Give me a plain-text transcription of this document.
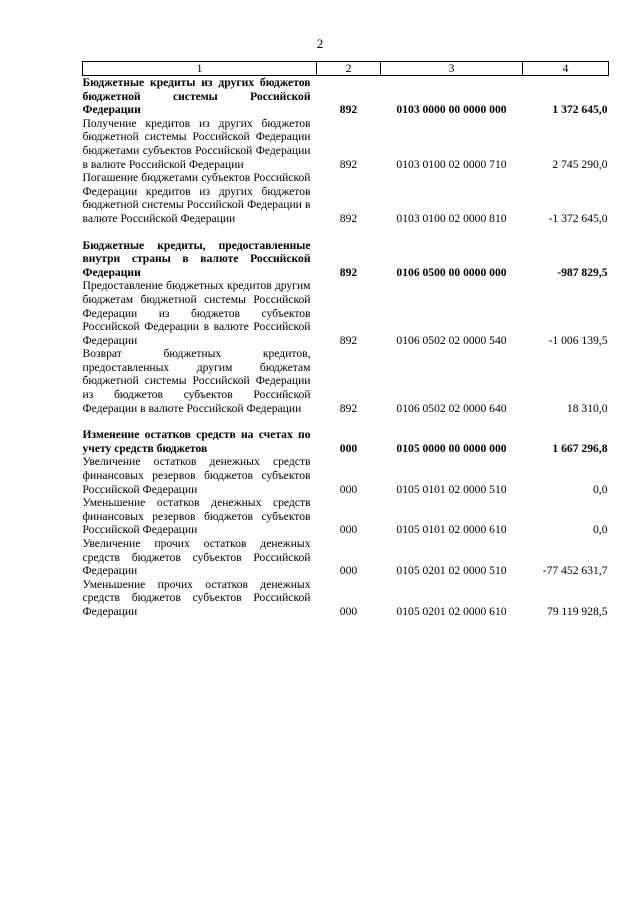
2
1	2	3	4
Бюджетные кредиты из других бюджетов бюджетной системы Российской Федерации	892	0103 0000 00 0000 000	1 372 645,0
Получение кредитов из других бюджетов бюджетной системы Российской Федерации бюджетами субъектов Российской Федерации в валюте Российской Федерации	892	0103 0100 02 0000 710	2 745 290,0
Погашение бюджетами субъектов Российской Федерации кредитов из других бюджетов бюджетной системы Российской Федерации в валюте Российской Федерации	892	0103 0100 02 0000 810	-1 372 645,0

Бюджетные кредиты, предоставленные внутри страны в валюте Российской Федерации	892	0106 0500 00 0000 000	-987 829,5
Предоставление бюджетных кредитов другим бюджетам бюджетной системы Российской Федерации из бюджетов субъектов Российской Федерации в валюте Российской Федерации	892	0106 0502 02 0000 540	-1 006 139,5
Возврат бюджетных кредитов, предоставленных другим бюджетам бюджетной системы Российской Федерации из бюджетов субъектов Российской Федерации в валюте Российской Федерации	892	0106 0502 02 0000 640	18 310,0

Изменение остатков средств на счетах по учету средств бюджетов	000	0105 0000 00 0000 000	1 667 296,8
Увеличение остатков денежных средств финансовых резервов бюджетов субъектов Российской Федерации	000	0105 0101 02 0000 510	0,0
Уменьшение остатков денежных средств финансовых резервов бюджетов субъектов Российской Федерации	000	0105 0101 02 0000 610	0,0
Увеличение прочих остатков денежных средств бюджетов субъектов Российской Федерации	000	0105 0201 02 0000 510	-77 452 631,7
Уменьшение прочих остатков денежных средств бюджетов субъектов Российской Федерации	000	0105 0201 02 0000 610	79 119 928,5
